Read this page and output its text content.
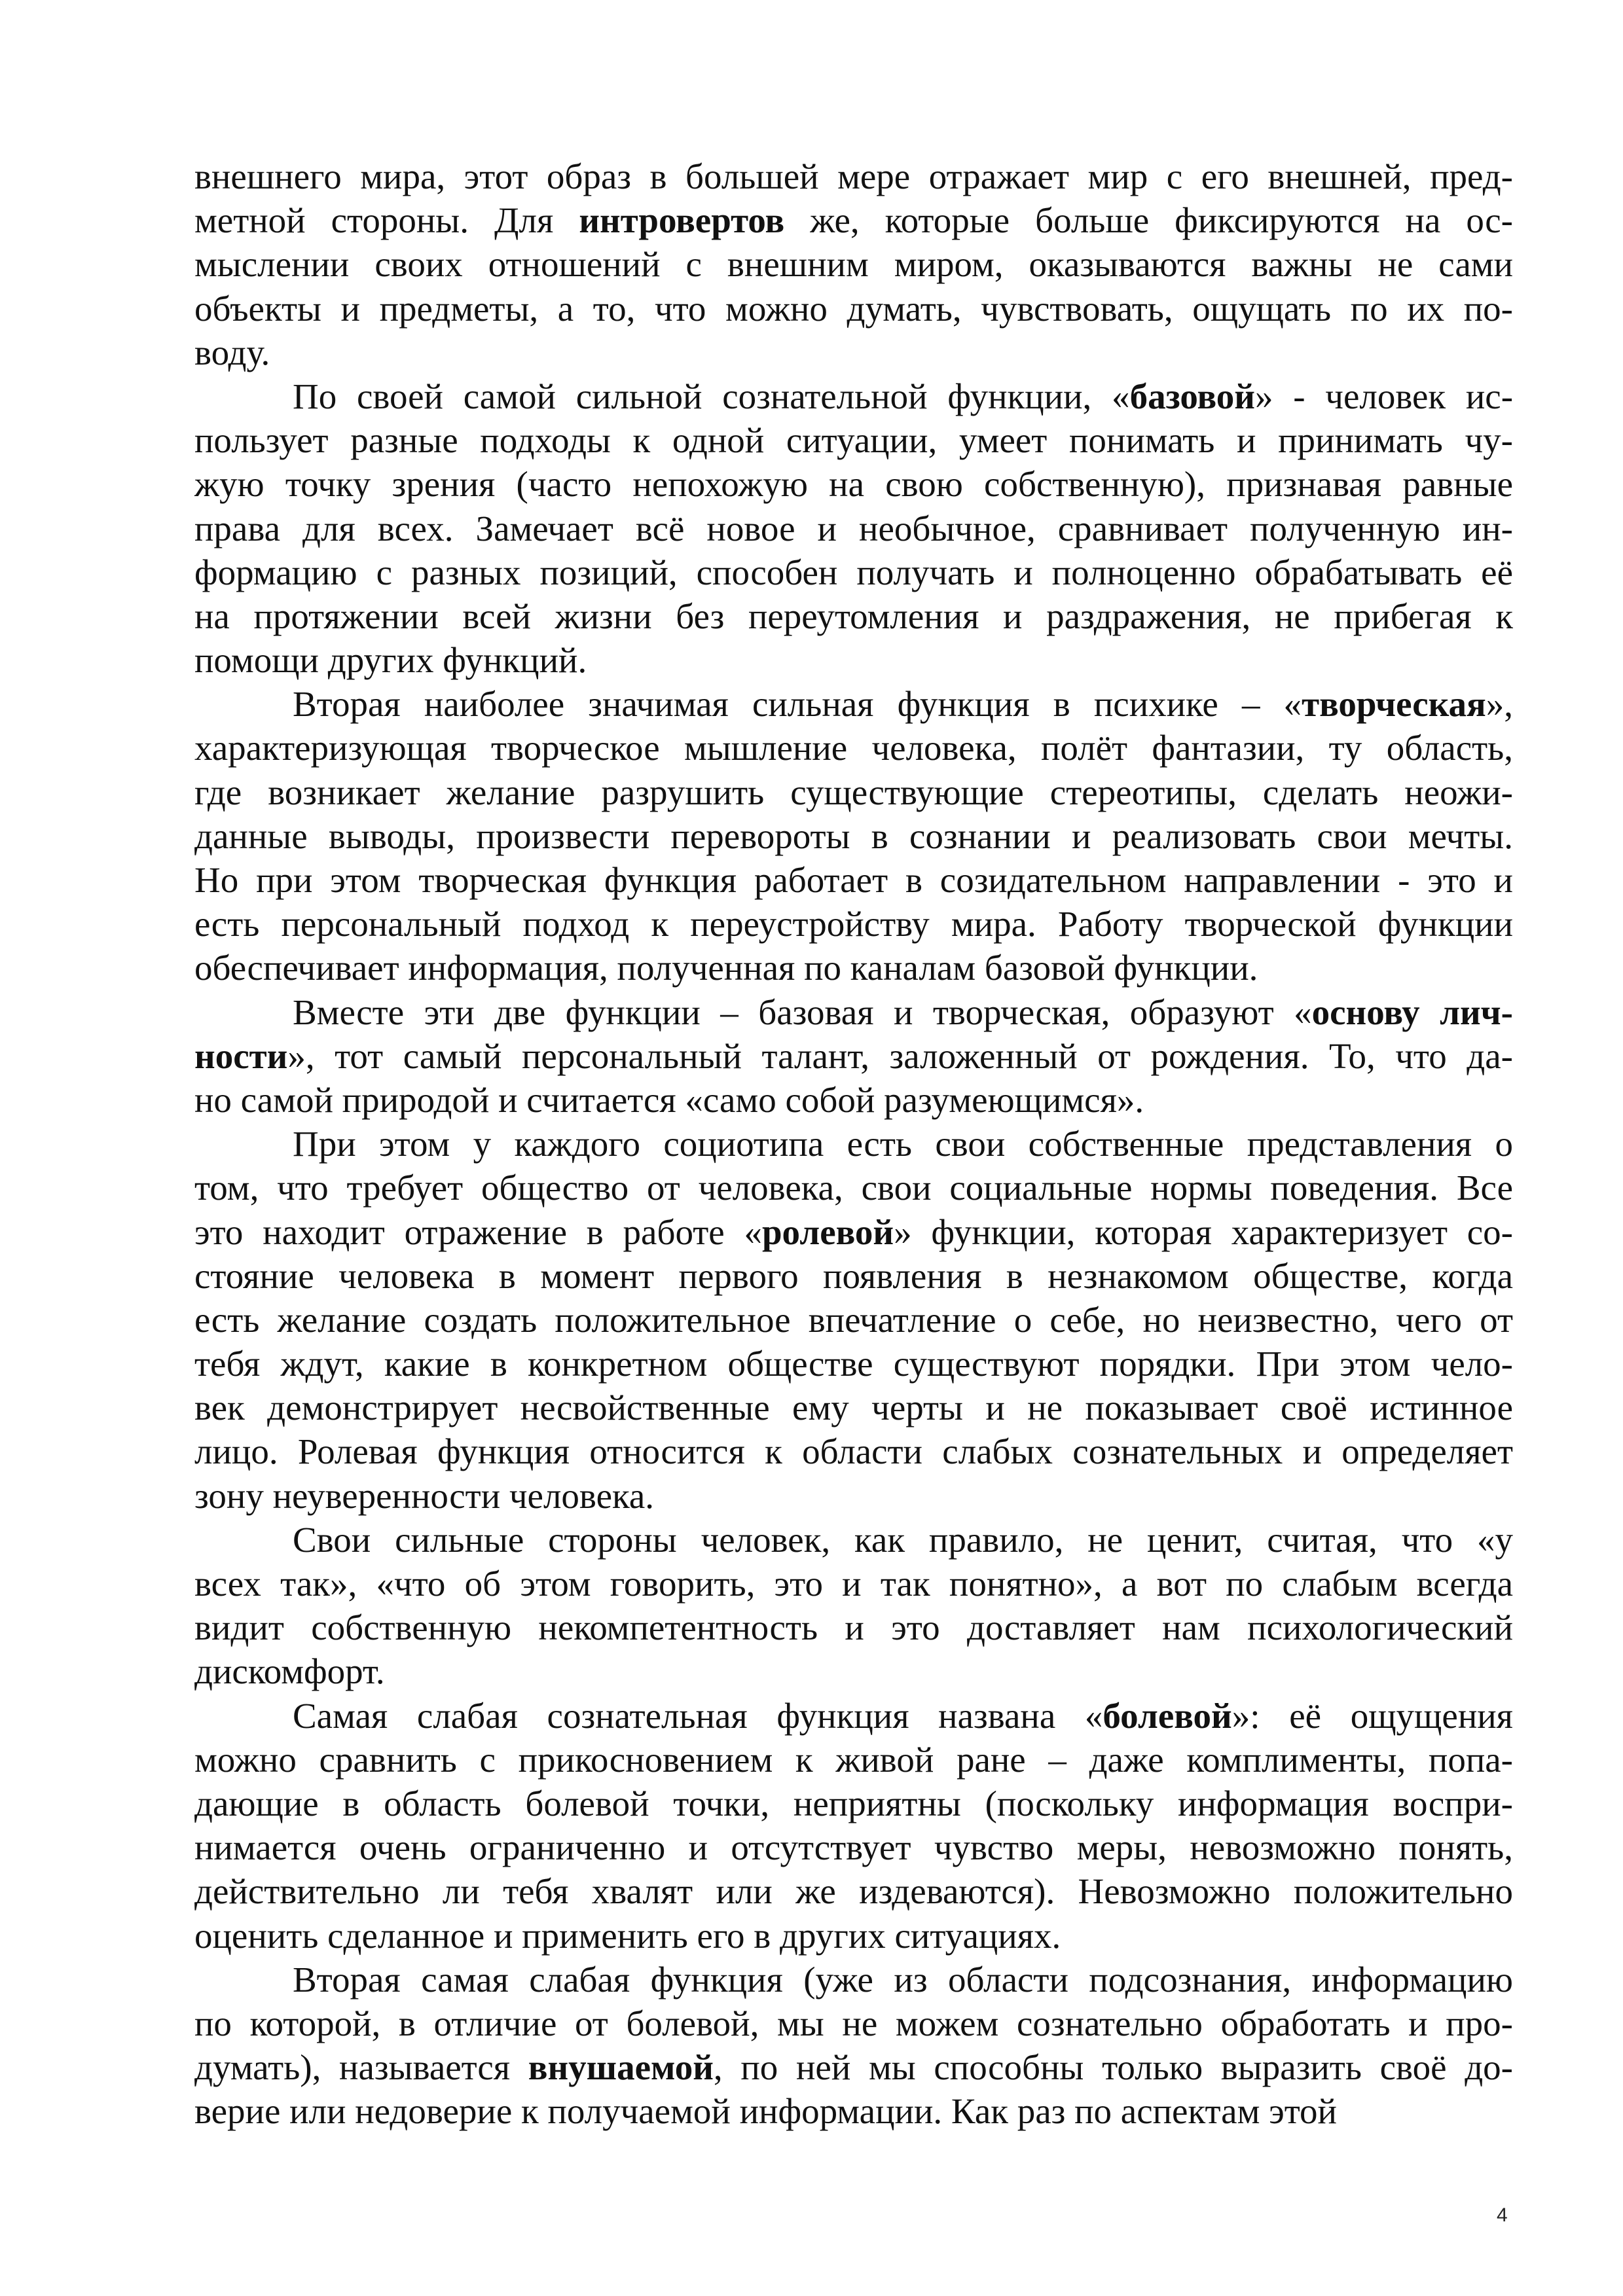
внешнего мира, этот образ в большей мере отражает мир с его внешней, пред-
метной стороны. Для интровертов же, которые больше фиксируются на ос-
мыслении своих отношений с внешним миром, оказываются важны не сами
объекты и предметы, а то, что можно думать, чувствовать, ощущать по их по-
воду.
По своей самой сильной сознательной функции, «базовой» - человек ис-
пользует разные подходы к одной ситуации, умеет понимать и принимать чу-
жую точку зрения (часто непохожую на свою собственную), признавая равные
права для всех. Замечает всё новое и необычное, сравнивает полученную ин-
формацию с разных позиций, способен получать и полноценно обрабатывать её
на протяжении всей жизни без переутомления и раздражения, не прибегая к
помощи других функций.
Вторая наиболее значимая сильная функция в психике – «творческая»,
характеризующая творческое мышление человека, полёт фантазии, ту область,
где возникает желание разрушить существующие стереотипы, сделать неожи-
данные выводы, произвести перевороты в сознании и реализовать свои мечты.
Но при этом творческая функция работает в созидательном направлении - это и
есть персональный подход к переустройству мира. Работу творческой функции
обеспечивает информация, полученная по каналам базовой функции.
Вместе эти две функции – базовая и творческая, образуют «основу лич-
ности», тот самый персональный талант, заложенный от рождения. То, что да-
но самой природой и считается «само собой разумеющимся».
При этом у каждого социотипа есть свои собственные представления о
том, что требует общество от человека, свои социальные нормы поведения. Все
это находит отражение в работе «ролевой» функции, которая характеризует со-
стояние человека в момент первого появления в незнакомом обществе, когда
есть желание создать положительное впечатление о себе, но неизвестно, чего от
тебя ждут, какие в конкретном обществе существуют порядки. При этом чело-
век демонстрирует несвойственные ему черты и не показывает своё истинное
лицо. Ролевая функция относится к области слабых сознательных и определяет
зону неуверенности человека.
Свои сильные стороны человек, как правило, не ценит, считая, что «у
всех так», «что об этом говорить, это и так понятно», а вот по слабым всегда
видит собственную некомпетентность и это доставляет нам психологический
дискомфорт.
Самая слабая сознательная функция названа «болевой»: её ощущения
можно сравнить с прикосновением к живой ране – даже комплименты, попа-
дающие в область болевой точки, неприятны (поскольку информация воспри-
нимается очень ограниченно и отсутствует чувство меры, невозможно понять,
действительно ли тебя хвалят или же издеваются). Невозможно положительно
оценить сделанное и применить его в других ситуациях.
Вторая самая слабая функция (уже из области подсознания, информацию
по которой, в отличие от болевой, мы не можем сознательно обработать и про-
думать), называется внушаемой, по ней мы способны только выразить своё до-
верие или недоверие к получаемой информации. Как раз по аспектам этой
4
